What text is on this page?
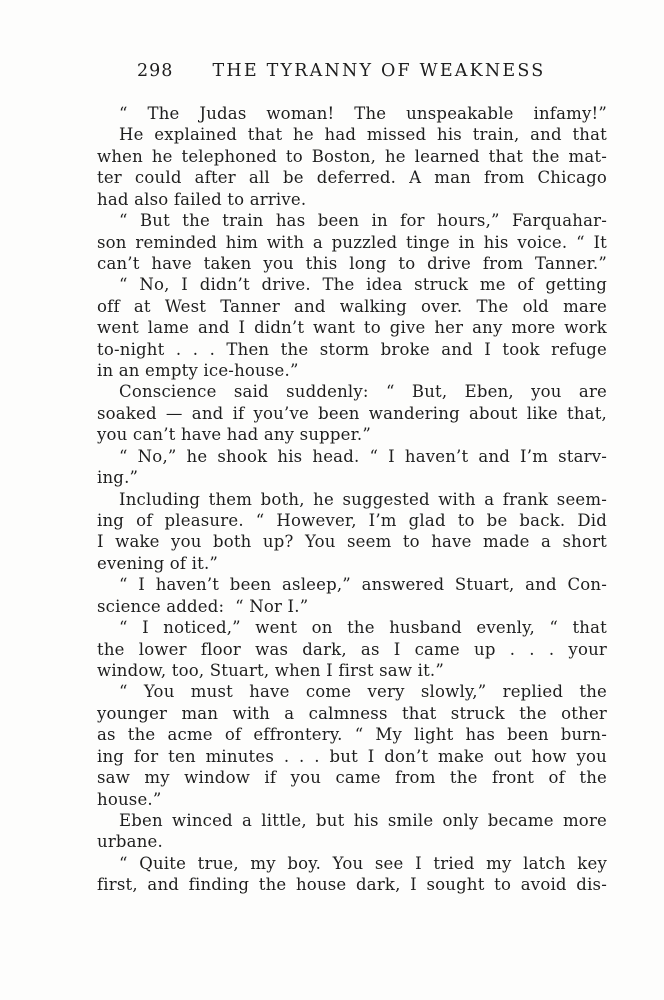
298 THE TYRANNY OF WEAKNESS
“ The Judas woman! The unspeakable infamy!”
He explained that he had missed his train, and that
when he telephoned to Boston, he learned that the mat-
ter could after all be deferred. A man from Chicago
had also failed to arrive.
“ But the train has been in for hours,” Farquahar-
son reminded him with a puzzled tinge in his voice. “ It
can’t have taken you this long to drive from Tanner.”
“ No, I didn’t drive. The idea struck me of getting
off at West Tanner and walking over. The old mare
went lame and I didn’t want to give her any more work
to-night . . . Then the storm broke and I took refuge
in an empty ice-house.”
Conscience said suddenly: “ But, Eben, you are
soaked — and if you’ve been wandering about like that,
you can’t have had any supper.”
“ No,” he shook his head. “ I haven’t and I’m starv-
ing.”
Including them both, he suggested with a frank seem-
ing of pleasure. “ However, I’m glad to be back. Did
I wake you both up? You seem to have made a short
evening of it.”
“ I haven’t been asleep,” answered Stuart, and Con-
science added:  “ Nor I.”
“ I noticed,” went on the husband evenly, “ that
the lower floor was dark, as I came up . . . your
window, too, Stuart, when I first saw it.”
“ You must have come very slowly,” replied the
younger man with a calmness that struck the other
as the acme of effrontery. “ My light has been burn-
ing for ten minutes . . . but I don’t make out how you
saw my window if you came from the front of the
house.”
Eben winced a little, but his smile only became more
urbane.
“ Quite true, my boy. You see I tried my latch key
first, and finding the house dark, I sought to avoid dis-
